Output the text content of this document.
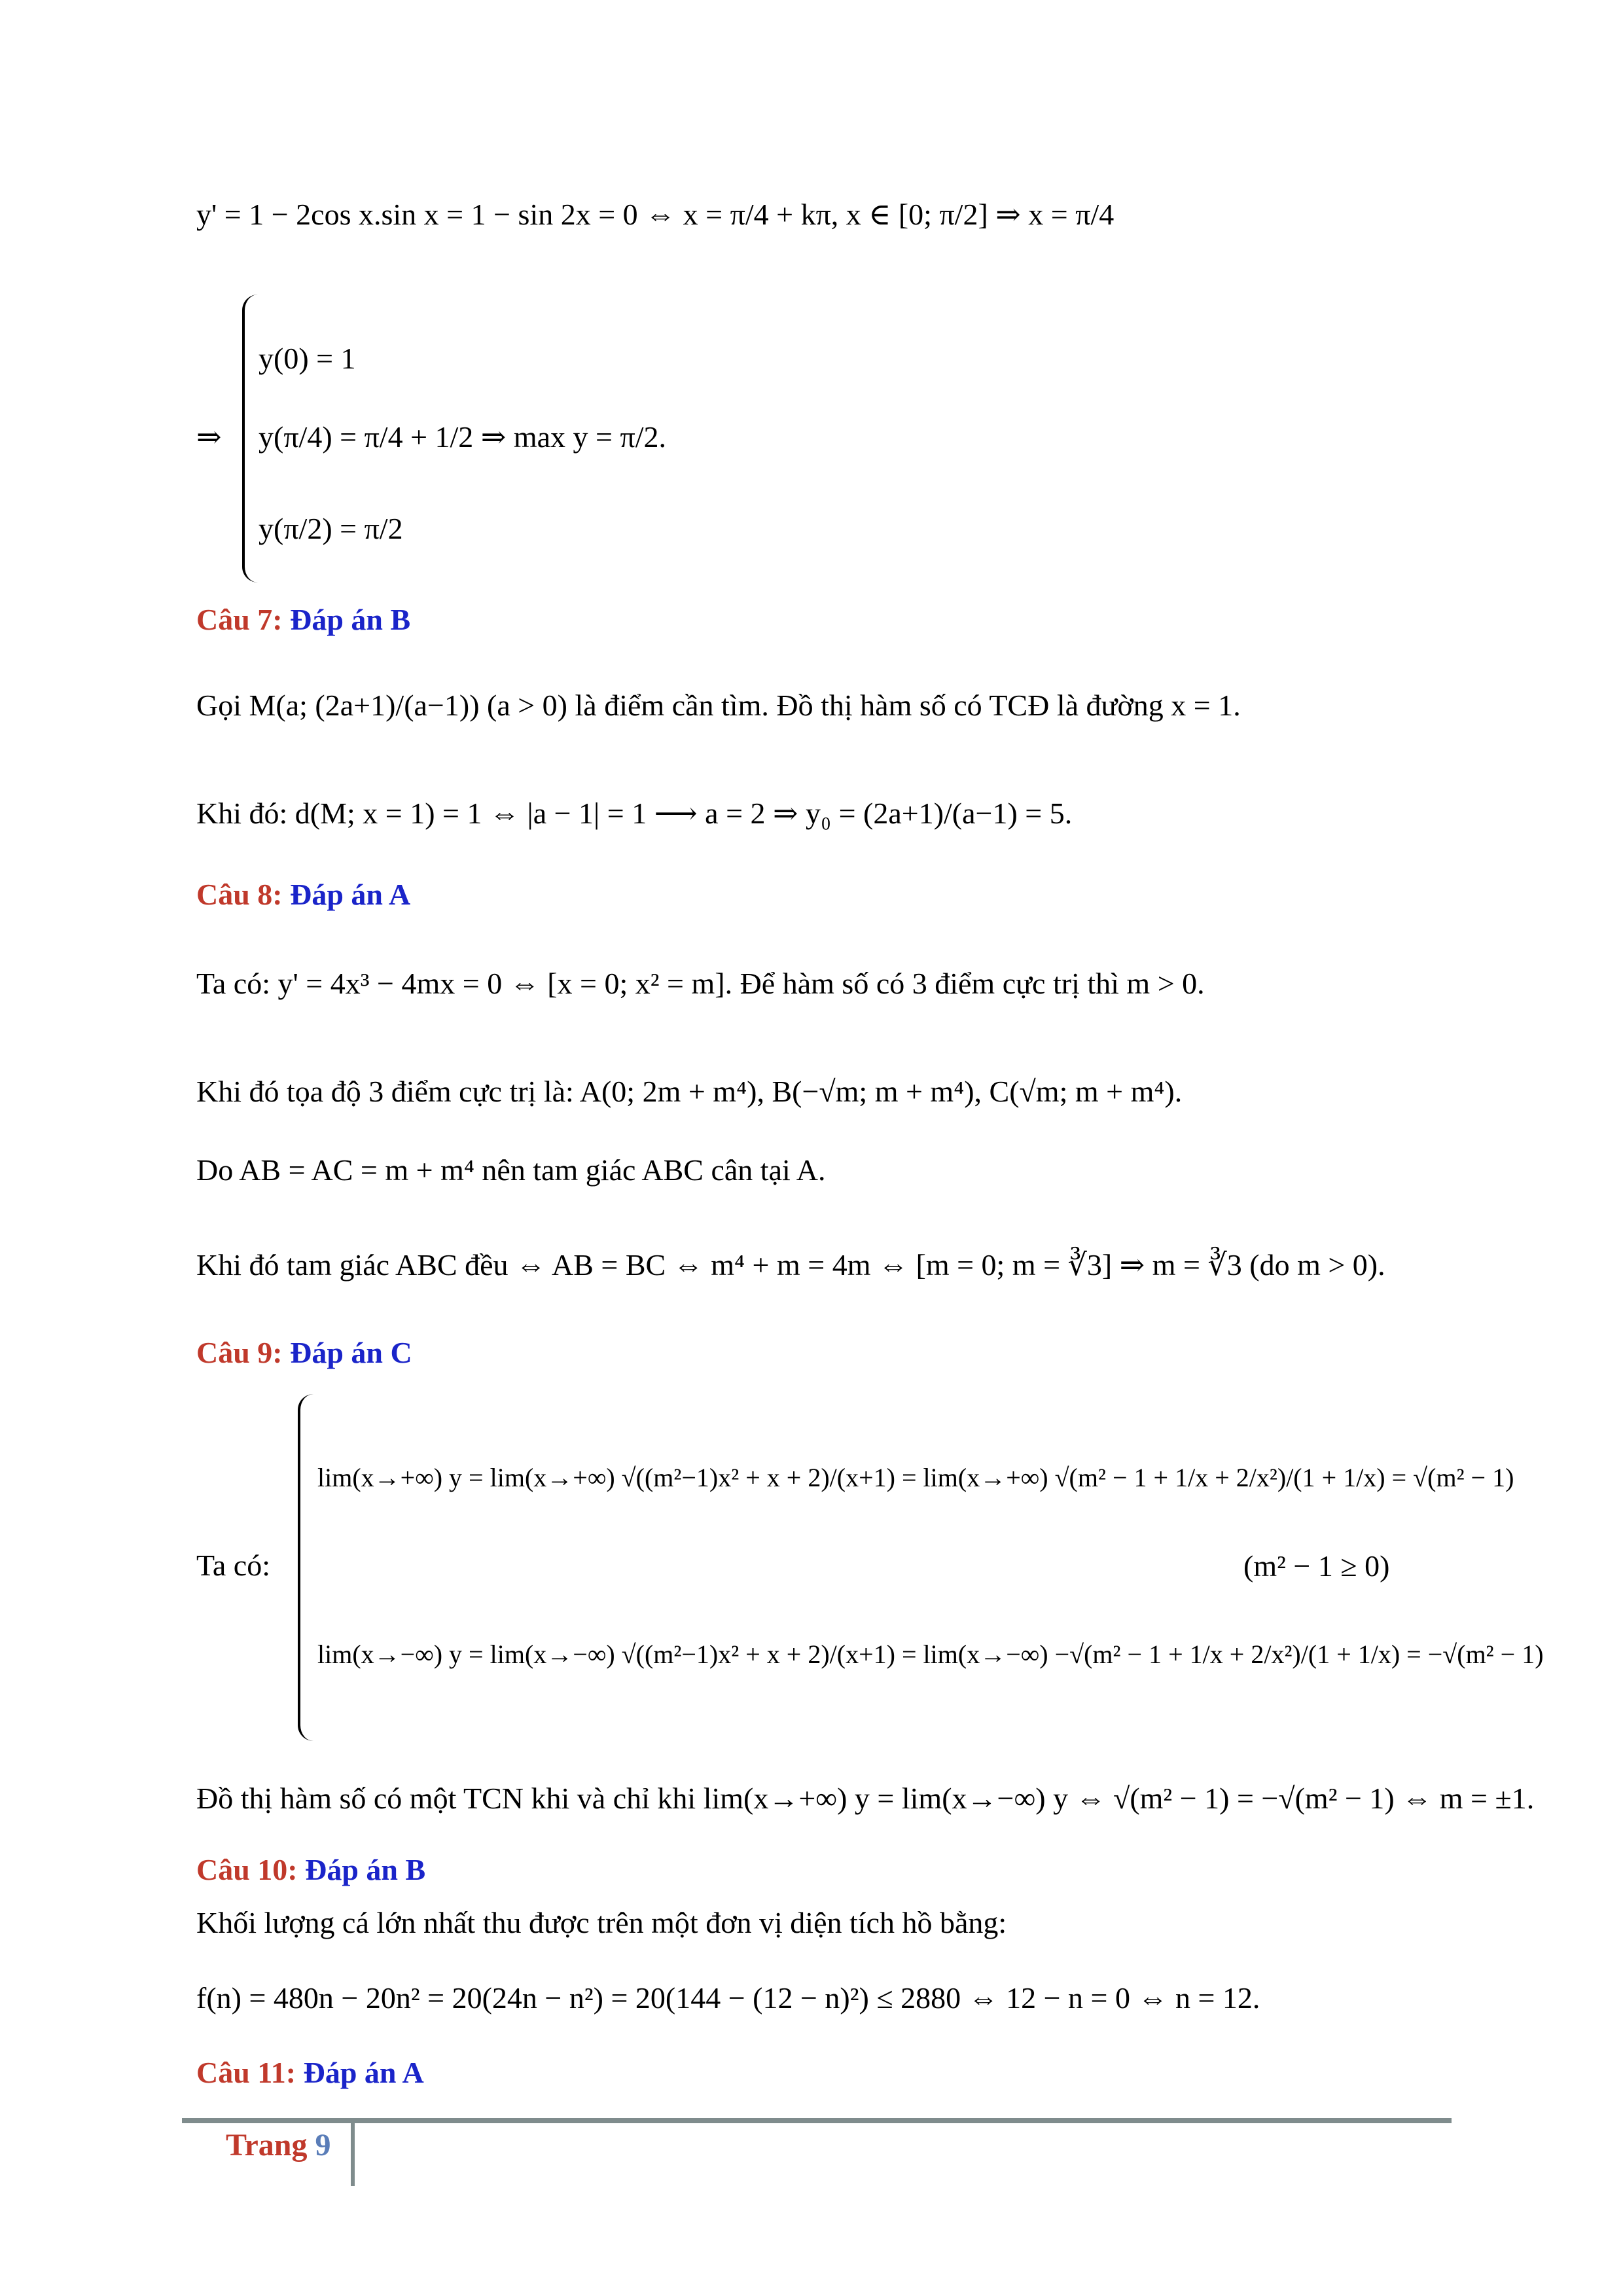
y' = 1 − 2cos x.sin x = 1 − sin 2x = 0 ⇔ x = π/4 + kπ, x ∈ [0; π/2] ⇒ x = π/4
⇒
y(0) = 1
y(π/4) = π/4 + 1/2 ⇒ max y = π/2.
y(π/2) = π/2
Câu 7: Đáp án B
Gọi M(a; (2a+1)/(a−1)) (a > 0) là điểm cần tìm. Đồ thị hàm số có TCĐ là đường x = 1.
Khi đó: d(M; x = 1) = 1 ⇔ |a − 1| = 1 ⟶ a = 2 ⇒ y₀ = (2a+1)/(a−1) = 5.
Câu 8: Đáp án A
Ta có: y' = 4x³ − 4mx = 0 ⇔ [x = 0; x² = m]. Để hàm số có 3 điểm cực trị thì m > 0.
Khi đó tọa độ 3 điểm cực trị là: A(0; 2m + m⁴), B(−√m; m + m⁴), C(√m; m + m⁴).
Do AB = AC = m + m⁴ nên tam giác ABC cân tại A.
Khi đó tam giác ABC đều ⇔ AB = BC ⇔ m⁴ + m = 4m ⇔ [m = 0; m = ∛3] ⇒ m = ∛3 (do m > 0).
Câu 9: Đáp án C
Ta có:
lim(x→+∞) y = lim(x→+∞) √((m²−1)x² + x + 2)/(x+1) = lim(x→+∞) √(m² − 1 + 1/x + 2/x²)/(1 + 1/x) = √(m² − 1)
lim(x→−∞) y = lim(x→−∞) √((m²−1)x² + x + 2)/(x+1) = lim(x→−∞) −√(m² − 1 + 1/x + 2/x²)/(1 + 1/x) = −√(m² − 1)
(m² − 1 ≥ 0)
Đồ thị hàm số có một TCN khi và chỉ khi lim(x→+∞) y = lim(x→−∞) y ⇔ √(m² − 1) = −√(m² − 1) ⇔ m = ±1.
Câu 10: Đáp án B
Khối lượng cá lớn nhất thu được trên một đơn vị diện tích hồ bằng:
f(n) = 480n − 20n² = 20(24n − n²) = 20(144 − (12 − n)²) ≤ 2880 ⇔ 12 − n = 0 ⇔ n = 12.
Câu 11: Đáp án A
Trang 9
